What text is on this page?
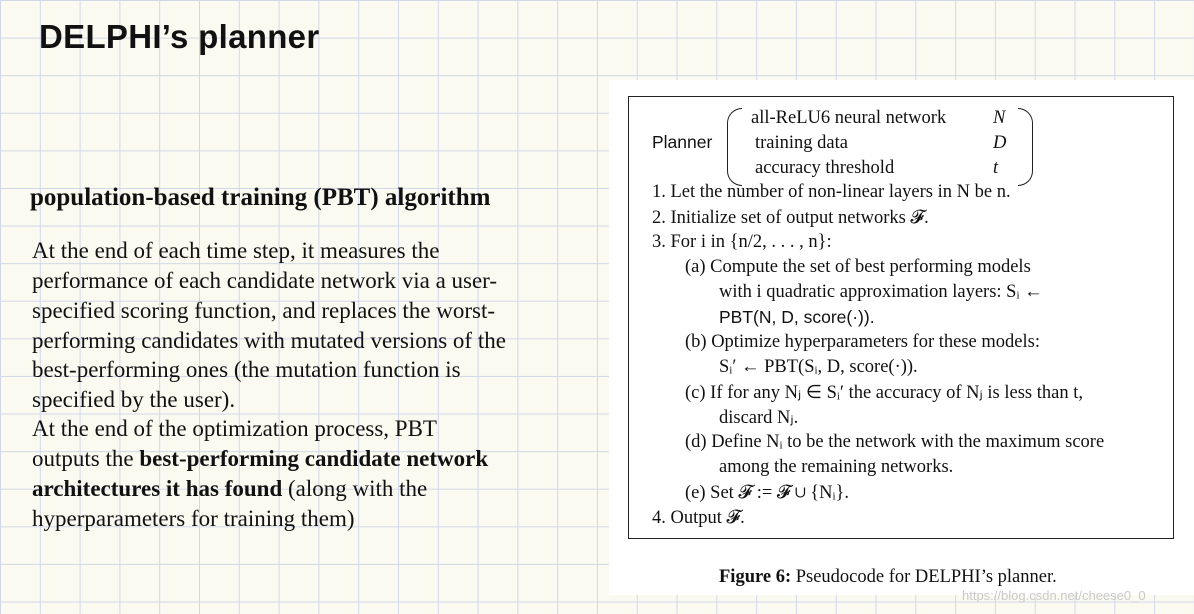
DELPHI’s planner
population-based training (PBT) algorithm
At the end of each time step, it measures the
performance of each candidate network via a user-
specified scoring function, and replaces the worst-
performing candidates with mutated versions of the
best-performing ones (the mutation function is
specified by the user).
At the end of the optimization process, PBT
outputs the best-performing candidate network
architectures it has found (along with the
hyperparameters for training them)
Planner
all-ReLU6 neural network	N
training data	D
accuracy threshold	t
1. Let the number of non-linear layers in N be n.
2. Initialize set of output networks 𝓕.
3. For i in {n/2, . . . , n}:
(a) Compute the set of best performing models
with i quadratic approximation layers: Sᵢ ←
PBT(N, D, score(·)).
(b) Optimize hyperparameters for these models:
Sᵢ′ ← PBT(Sᵢ, D, score(·)).
(c) If for any Nⱼ ∈ Sᵢ′ the accuracy of Nⱼ is less than t,
discard Nⱼ.
(d) Define Nᵢ to be the network with the maximum score
among the remaining networks.
(e) Set 𝓕 := 𝓕 ∪ {Nᵢ}.
4. Output 𝓕.
Figure 6: Pseudocode for DELPHI’s planner.
https://blog.csdn.net/cheese0_0
